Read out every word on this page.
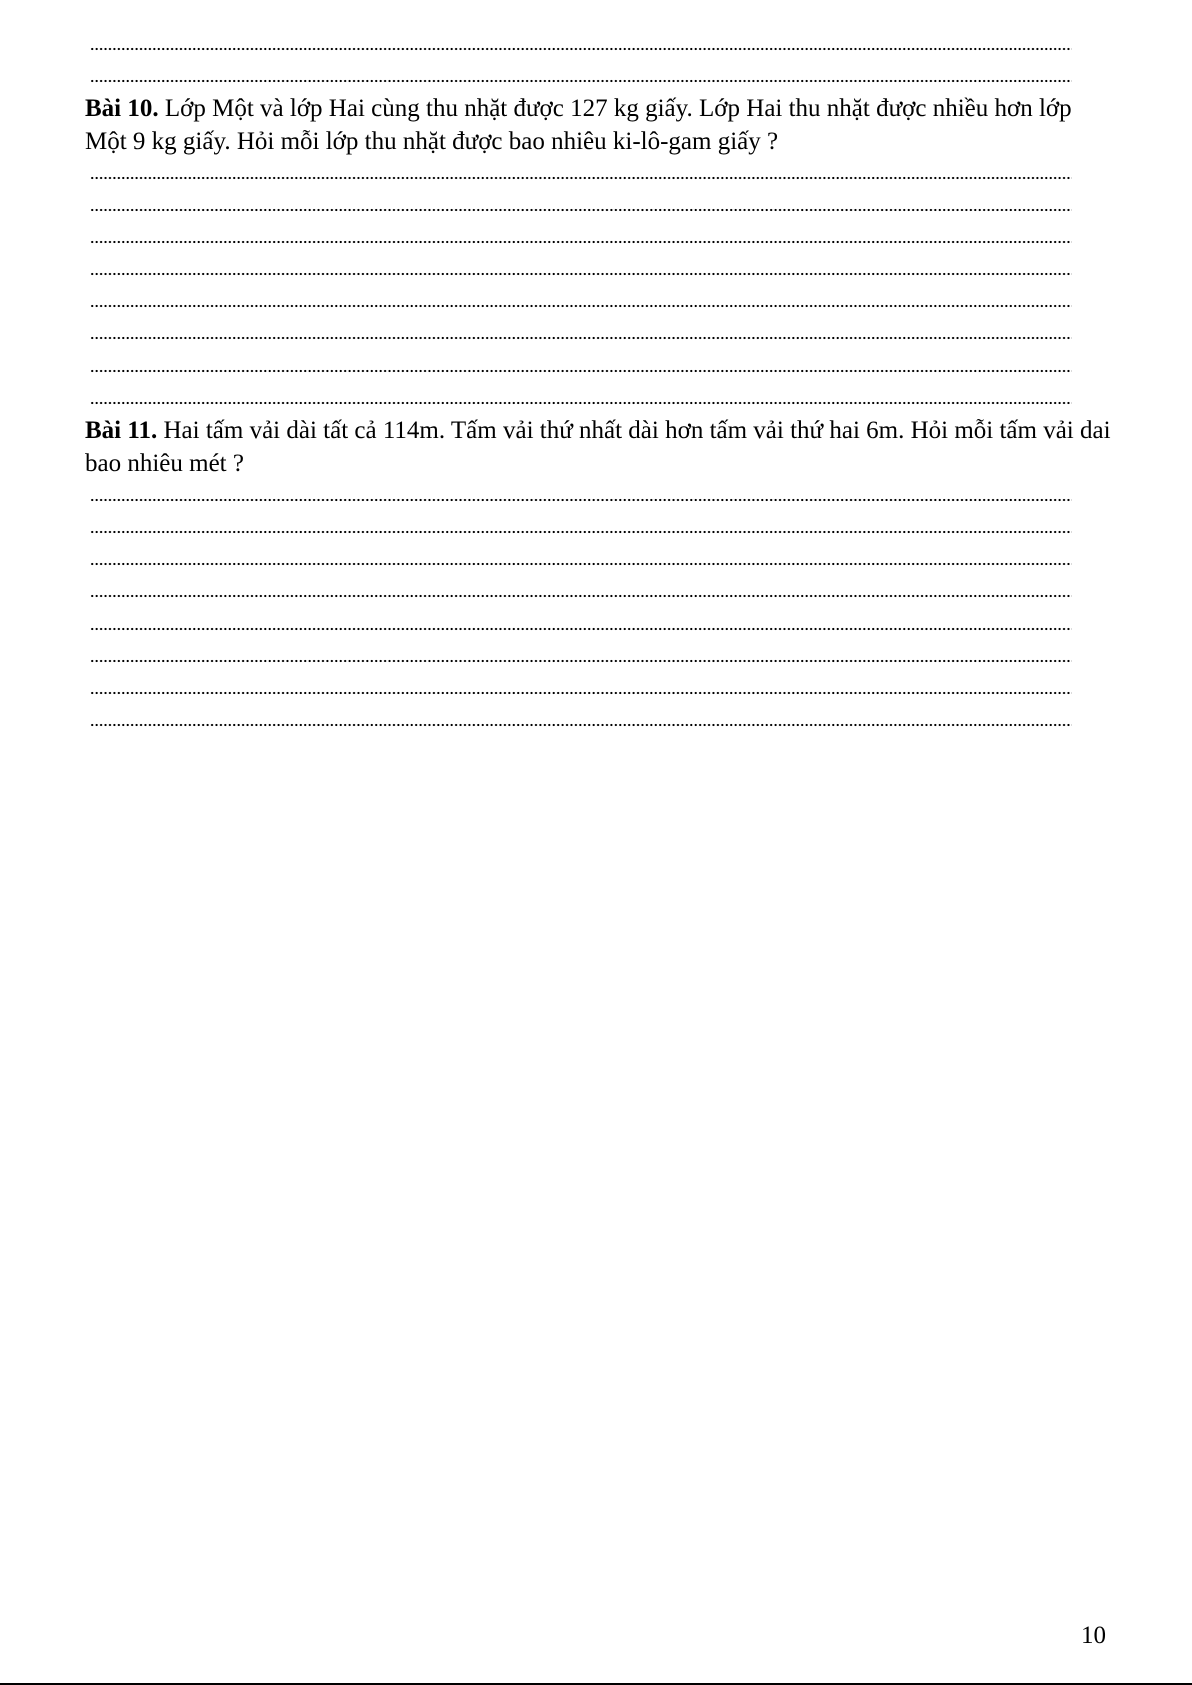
Bài 10. Lớp Một và lớp Hai cùng thu nhặt được 127 kg giấy. Lớp Hai thu nhặt được nhiều hơn lớp Một 9 kg giấy. Hỏi mỗi lớp thu nhặt được bao nhiêu ki-lô-gam giấy ?

Bài 11. Hai tấm vải dài tất cả 114m. Tấm vải thứ nhất dài hơn tấm vải thứ hai 6m. Hỏi mỗi tấm vải dai bao nhiêu mét ?

10
